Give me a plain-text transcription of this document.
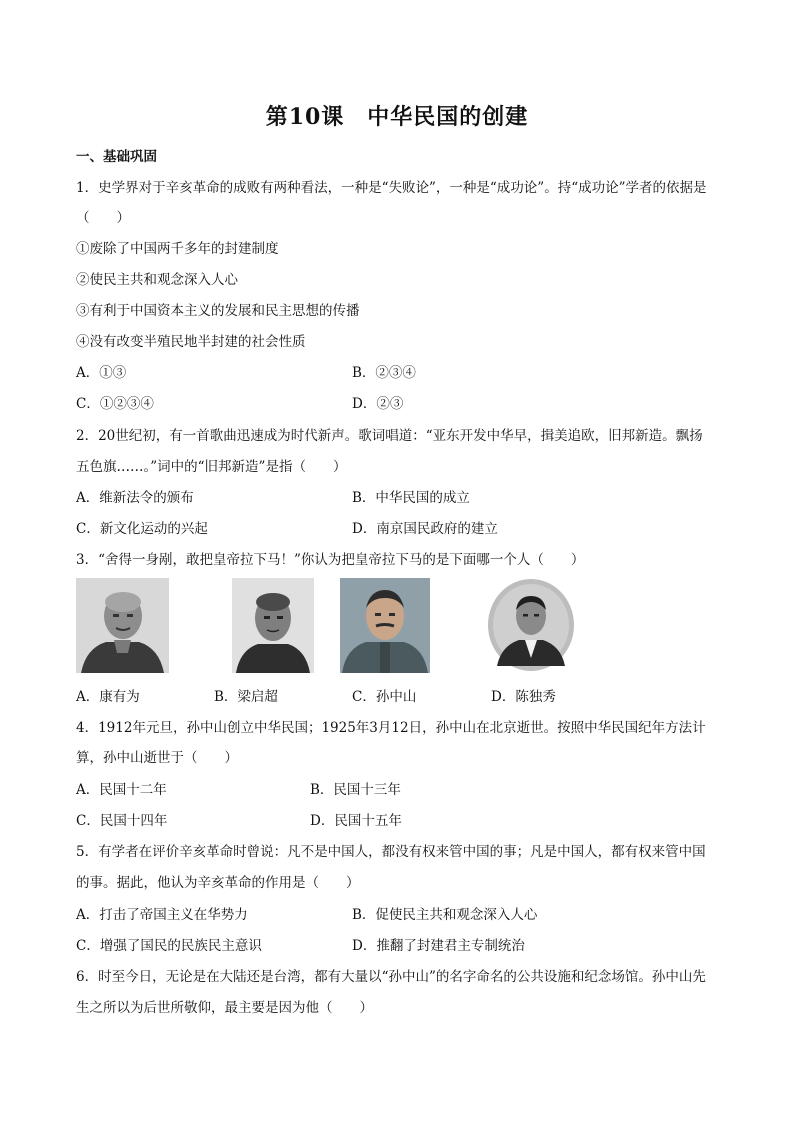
第10课　中华民国的创建
一、基础巩固
1．史学界对于辛亥革命的成败有两种看法，一种是“失败论”，一种是“成功论”。持“成功论”学者的依据是
（　　）
①废除了中国两千多年的封建制度
②使民主共和观念深入人心
③有利于中国资本主义的发展和民主思想的传播
④没有改变半殖民地半封建的社会性质
A．①③	B．②③④
C．①②③④	D．②③
2．20世纪初，有一首歌曲迅速成为时代新声。歌词唱道：“亚东开发中华早，揖美追欧，旧邦新造。飘扬
五色旗……。”词中的“旧邦新造”是指（　　）
A．维新法令的颁布	B．中华民国的成立
C．新文化运动的兴起	D．南京国民政府的建立
3．“舍得一身剐，敢把皇帝拉下马！”你认为把皇帝拉下马的是下面哪一个人（　　）
A．康有为	B．梁启超	C．孙中山	D．陈独秀
4．1912年元旦，孙中山创立中华民国；1925年3月12日，孙中山在北京逝世。按照中华民国纪年方法计
算，孙中山逝世于（　　）
A．民国十二年	B．民国十三年
C．民国十四年	D．民国十五年
5．有学者在评价辛亥革命时曾说：凡不是中国人，都没有权来管中国的事；凡是中国人，都有权来管中国
的事。据此，他认为辛亥革命的作用是（　　）
A．打击了帝国主义在华势力	B．促使民主共和观念深入人心
C．增强了国民的民族民主意识	D．推翻了封建君主专制统治
6．时至今日，无论是在大陆还是台湾，都有大量以“孙中山”的名字命名的公共设施和纪念场馆。孙中山先
生之所以为后世所敬仰，最主要是因为他（　　）
